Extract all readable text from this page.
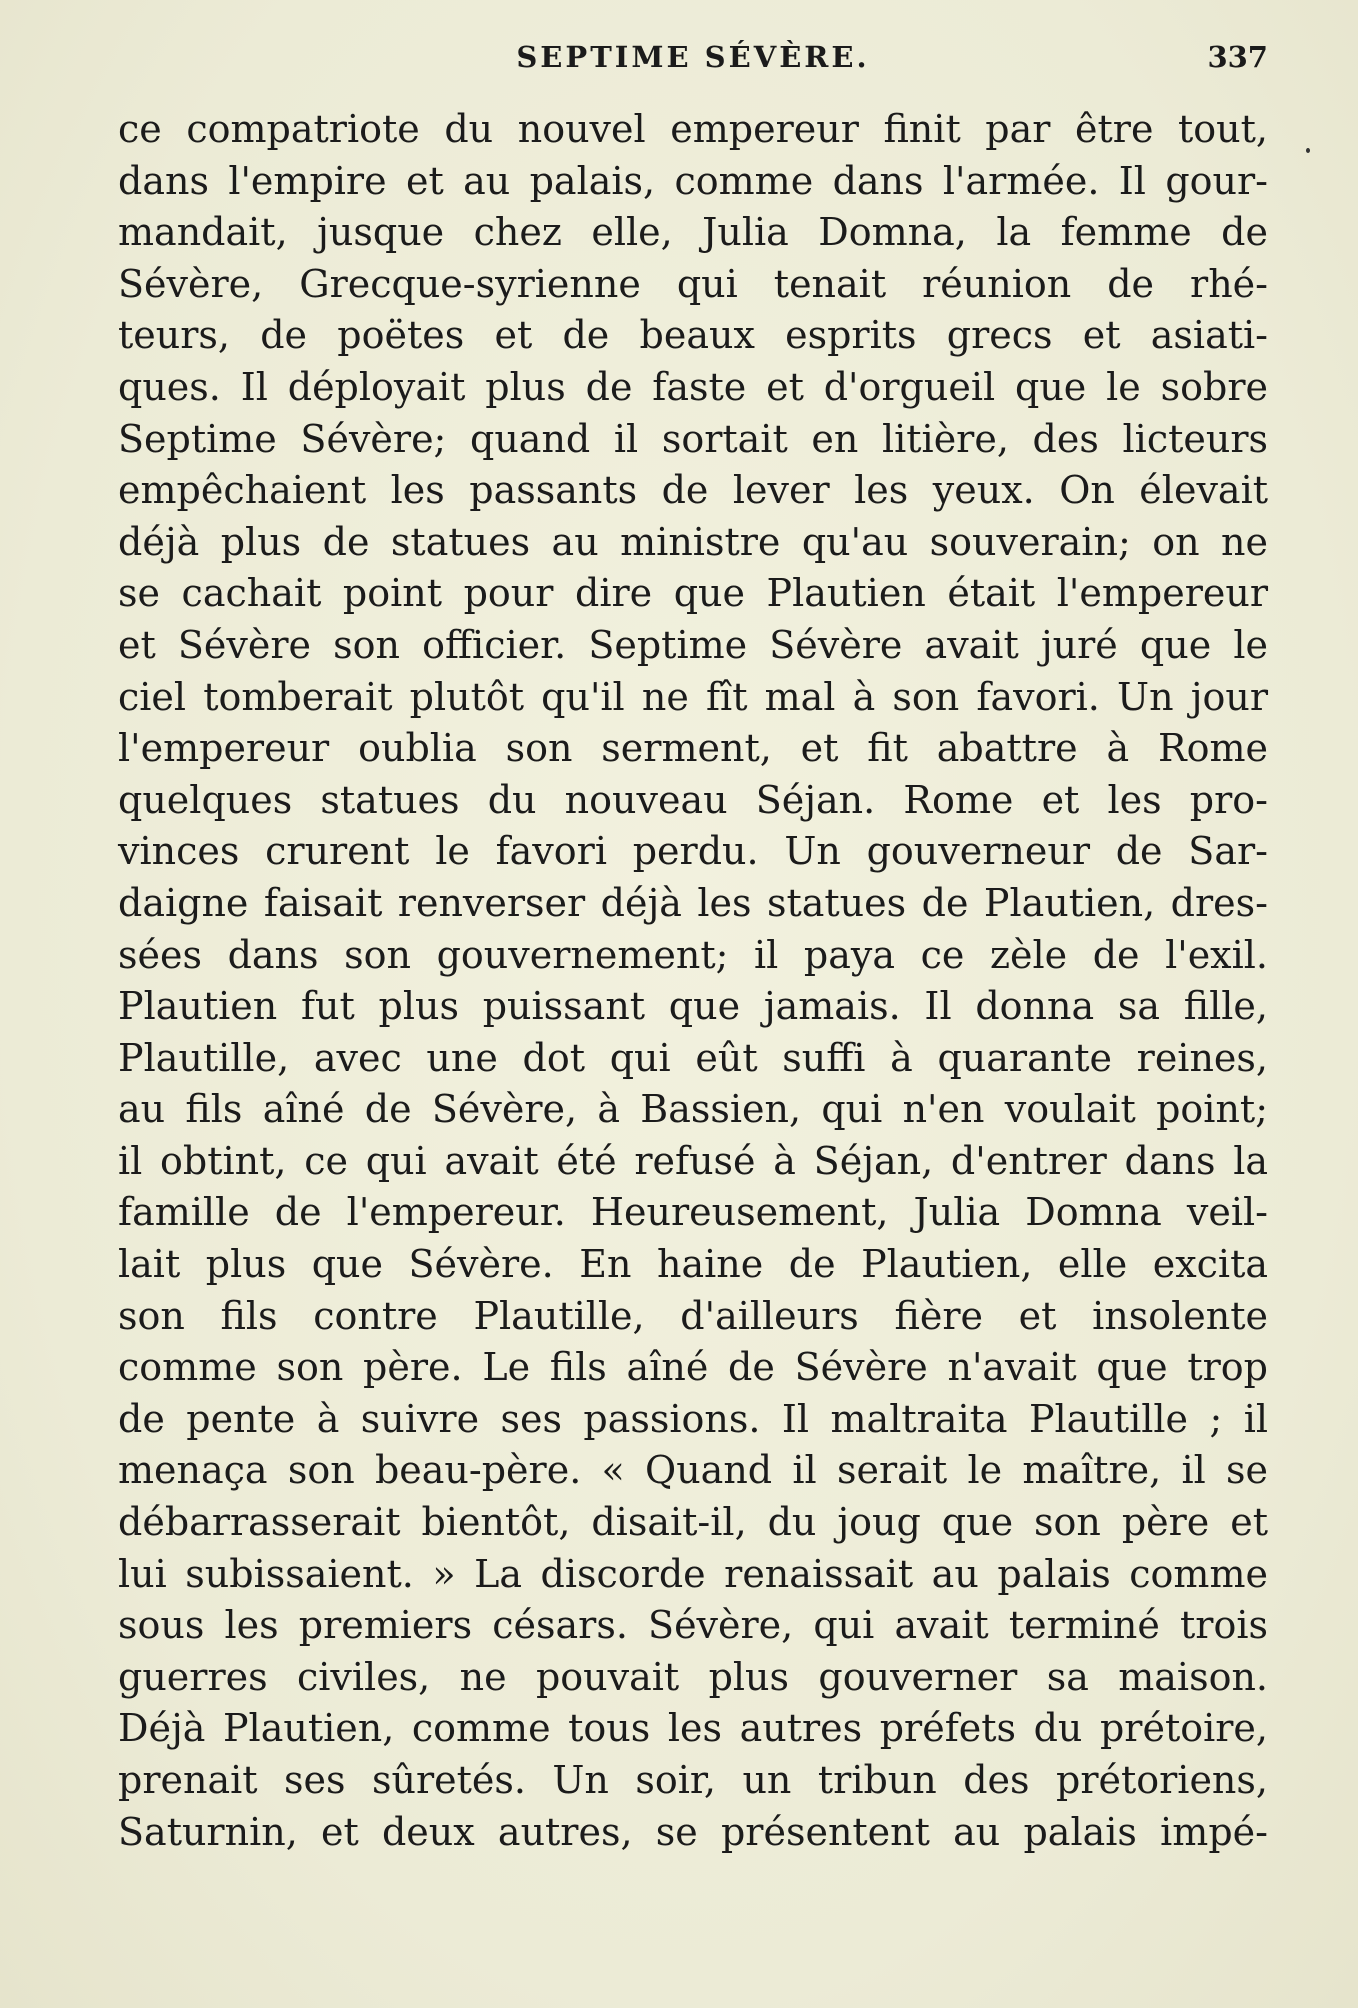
SEPTIME SÉVÈRE.	337
ce compatriote du nouvel empereur finit par être tout,
dans l'empire et au palais, comme dans l'armée. Il gour-
mandait, jusque chez elle, Julia Domna, la femme de
Sévère, Grecque-syrienne qui tenait réunion de rhé-
teurs, de poëtes et de beaux esprits grecs et asiati-
ques. Il déployait plus de faste et d'orgueil que le sobre
Septime Sévère; quand il sortait en litière, des licteurs
empêchaient les passants de lever les yeux. On élevait
déjà plus de statues au ministre qu'au souverain; on ne
se cachait point pour dire que Plautien était l'empereur
et Sévère son officier. Septime Sévère avait juré que le
ciel tomberait plutôt qu'il ne fît mal à son favori. Un jour
l'empereur oublia son serment, et fit abattre à Rome
quelques statues du nouveau Séjan. Rome et les pro-
vinces crurent le favori perdu. Un gouverneur de Sar-
daigne faisait renverser déjà les statues de Plautien, dres-
sées dans son gouvernement; il paya ce zèle de l'exil.
Plautien fut plus puissant que jamais. Il donna sa fille,
Plautille, avec une dot qui eût suffi à quarante reines,
au fils aîné de Sévère, à Bassien, qui n'en voulait point;
il obtint, ce qui avait été refusé à Séjan, d'entrer dans la
famille de l'empereur. Heureusement, Julia Domna veil-
lait plus que Sévère. En haine de Plautien, elle excita
son fils contre Plautille, d'ailleurs fière et insolente
comme son père. Le fils aîné de Sévère n'avait que trop
de pente à suivre ses passions. Il maltraita Plautille ; il
menaça son beau-père. « Quand il serait le maître, il se
débarrasserait bientôt, disait-il, du joug que son père et
lui subissaient. » La discorde renaissait au palais comme
sous les premiers césars. Sévère, qui avait terminé trois
guerres civiles, ne pouvait plus gouverner sa maison.
Déjà Plautien, comme tous les autres préfets du prétoire,
prenait ses sûretés. Un soir, un tribun des prétoriens,
Saturnin, et deux autres, se présentent au palais impé-
